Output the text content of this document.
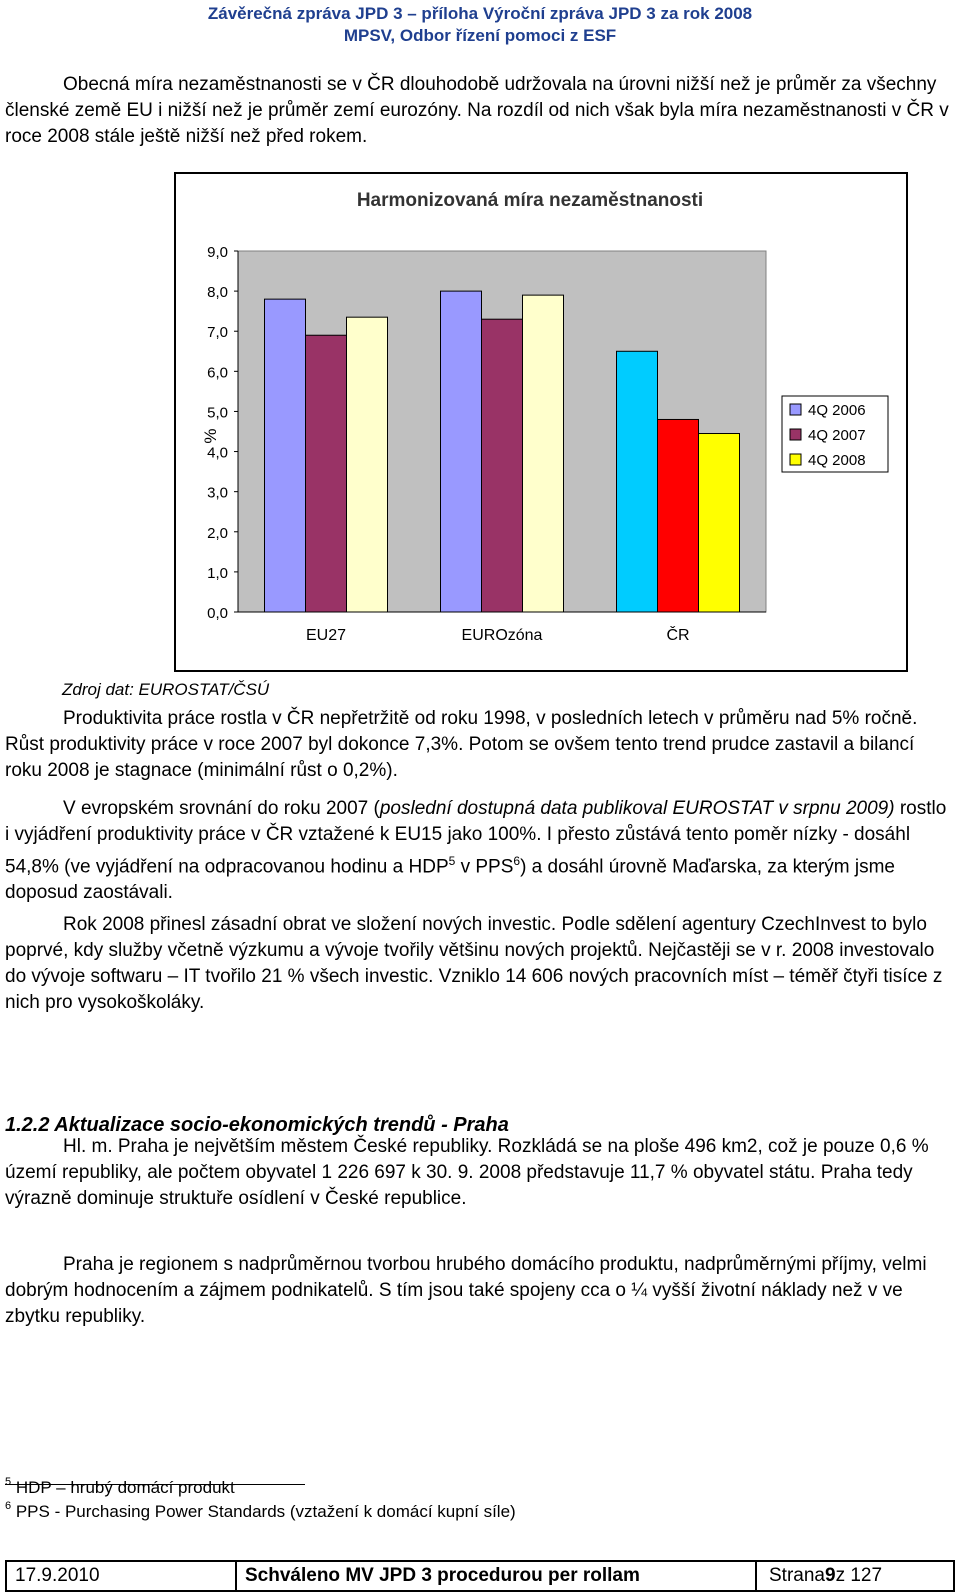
Závěrečná zpráva JPD 3 – příloha Výroční zpráva JPD 3 za rok 2008
MPSV, Odbor řízení pomoci z ESF

Obecná míra nezaměstnanosti se v ČR dlouhodobě udržovala na úrovni nižší než je průměr za všechny členské země EU i nižší než je průměr zemí eurozóny. Na rozdíl od nich však byla míra nezaměstnanosti v ČR v roce 2008 stále ještě nižší než před rokem.

Harmonizovaná míra nezaměstnanosti
%
0,0
1,0
2,0
3,0
4,0
5,0
6,0
7,0
8,0
9,0
EU27	EUROzóna	ČR
4Q 2006
4Q 2007
4Q 2008
Zdroj dat: EUROSTAT/ČSÚ

Produktivita práce rostla v ČR nepřetržitě od roku 1998, v posledních letech v průměru nad 5% ročně. Růst produktivity práce v roce 2007 byl dokonce 7,3%. Potom se ovšem tento trend prudce zastavil a bilancí roku 2008 je stagnace (minimální růst o 0,2%).

V evropském srovnání do roku 2007 (poslední dostupná data publikoval EUROSTAT v srpnu 2009) rostlo i vyjádření produktivity práce v ČR vztažené k EU15 jako 100%. I přesto zůstává tento poměr nízky - dosáhl 54,8% (ve vyjádření na odpracovanou hodinu a HDP$^5$ v PPS$^6$) a dosáhl úrovně Maďarska, za kterým jsme doposud zaostávali.

Rok 2008 přinesl zásadní obrat ve složení nových investic. Podle sdělení agentury CzechInvest to bylo poprvé, kdy služby včetně výzkumu a vývoje tvořily většinu nových projektů. Nejčastěji se v r. 2008 investovalo do vývoje softwaru – IT tvořilo 21 % všech investic. Vzniklo 14 606 nových pracovních míst – téměř čtyři tisíce z nich pro vysokoškoláky.

1.2.2 Aktualizace socio-ekonomických trendů - Praha

Hl. m. Praha je největším městem České republiky. Rozkládá se na ploše 496 km2, což je pouze 0,6 % území republiky, ale počtem obyvatel 1 226 697 k 30. 9. 2008 představuje 11,7 % obyvatel státu. Praha tedy výrazně dominuje struktuře osídlení v České republice.

Praha je regionem s nadprůměrnou tvorbou hrubého domácího produktu, nadprůměrnými příjmy, velmi dobrým hodnocením a zájmem podnikatelů. S tím jsou také spojeny cca o ¼ vyšší životní náklady než v ve zbytku republiky.

$^5$ HDP – hrubý domácí produkt
$^6$ PPS - Purchasing Power Standards (vztažení k domácí kupní síle)
17.9.2010	Schváleno MV JPD 3 procedurou per rollam	Strana 9 z 127
